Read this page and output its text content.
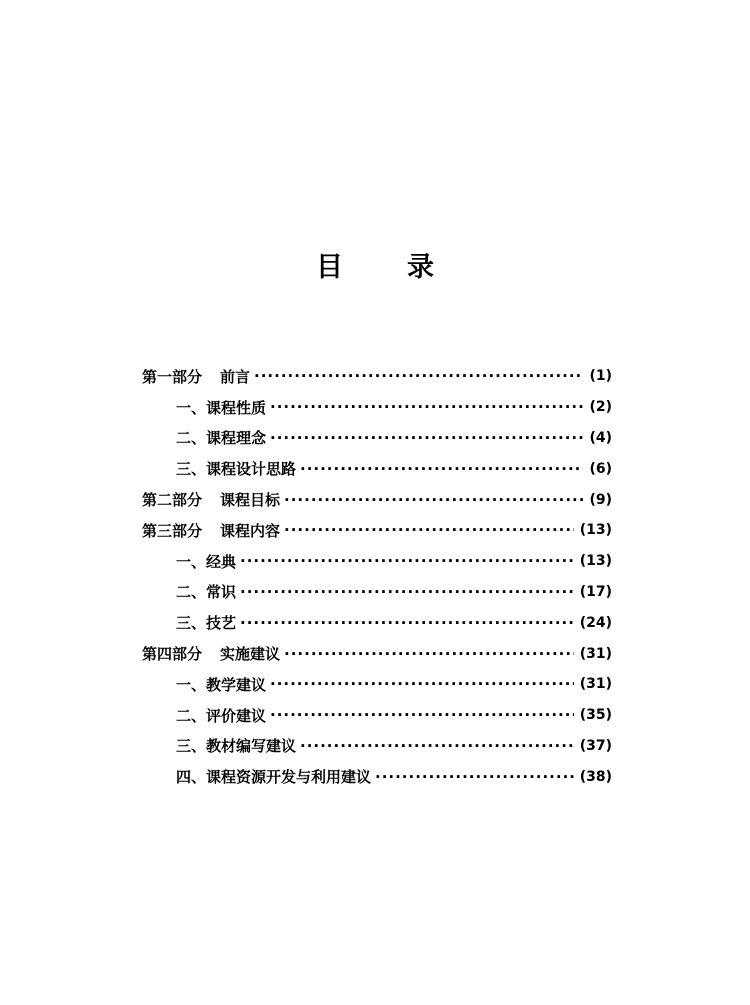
目 录
第一部分 前言 ·····	(1)
一、课程性质 ·····	(2)
二、课程理念 ·····	(4)
三、课程设计思路 ·····	(6)
第二部分 课程目标 ·····	(9)
第三部分 课程内容 ·····	(13)
一、经典 ·····	(13)
二、常识 ·····	(17)
三、技艺 ·····	(24)
第四部分 实施建议 ·····	(31)
一、教学建议 ·····	(31)
二、评价建议 ·····	(35)
三、教材编写建议 ·····	(37)
四、课程资源开发与利用建议 ·····	(38)
